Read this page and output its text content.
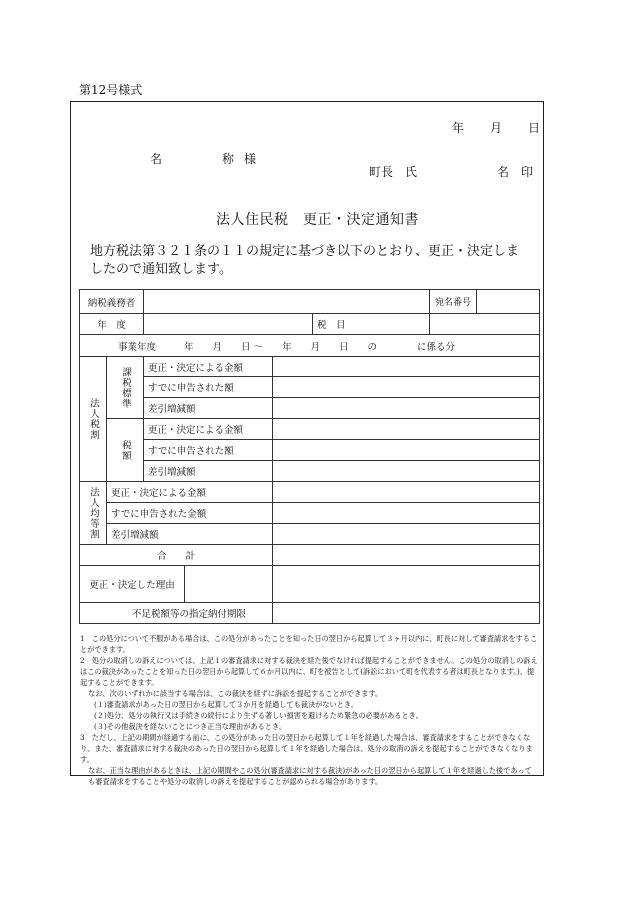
第12号様式
年 月 日
名	称様
町長 氏	名　印
法人住民税　更正・決定通知書
地方税法第３２１条の１１の規定に基づき以下のとおり、更正・決定しましたので通知致します。
納税義務者					宛名番号	
年　度				税　目		
事業年度 年　　月　　日 ～　　年　　月　　日　　の に係る分						
法人税割	課税標準	更正・決定による金額				
		すでに申告された額				
		差引増減額				
	税額	更正・決定による金額				
		すでに申告された額				
		差引増減額				
法人均等割	更正・決定による金額					
	すでに申告された金額					
	差引増減額					
合　　計						

更正・決定した理由						

不足税額等の指定納付期限						

1　この処分について不服がある場合は、この処分があったことを知った日の翌日から起算して３ヶ月以内に、町長に対して審査請求をすることができます。

2　処分の取消しの訴えについては、上記１の審査請求に対する裁決を経た後でなければ提起することができません。この処分の取消しの訴えはこの裁決があったことを知った日の翌日から起算して６か月以内に、町を被告として(訴訟において町を代表する者は町長となります。)、提起することができます。

なお、次のいずれかに該当する場合は、この裁決を経ずに訴訟を提起することができます。

(１)審査請求があった日の翌日から起算して３か月を経過しても裁決がないとき。

(２)処分、処分の執行又は手続きの続行により生ずる著しい損害を避けるため緊急の必要があるとき。

(３)その他裁決を経ないことにつき正当な理由があるとき。

3　ただし、上記の期間が経過する前に、この処分があった日の翌日から起算して１年を経過した場合は、審査請求をすることができなくなり、また、審査請求に対する裁決のあった日の翌日から起算して１年を経過した場合は、処分の取消の訴えを提起することができなくなります。

なお、正当な理由があるときは、上記の期間やこの処分(審査請求に対する裁決)があった日の翌日から起算して１年を経過した後であっても審査請求をすることや処分の取消しの訴えを提起することが認められる場合があります。
